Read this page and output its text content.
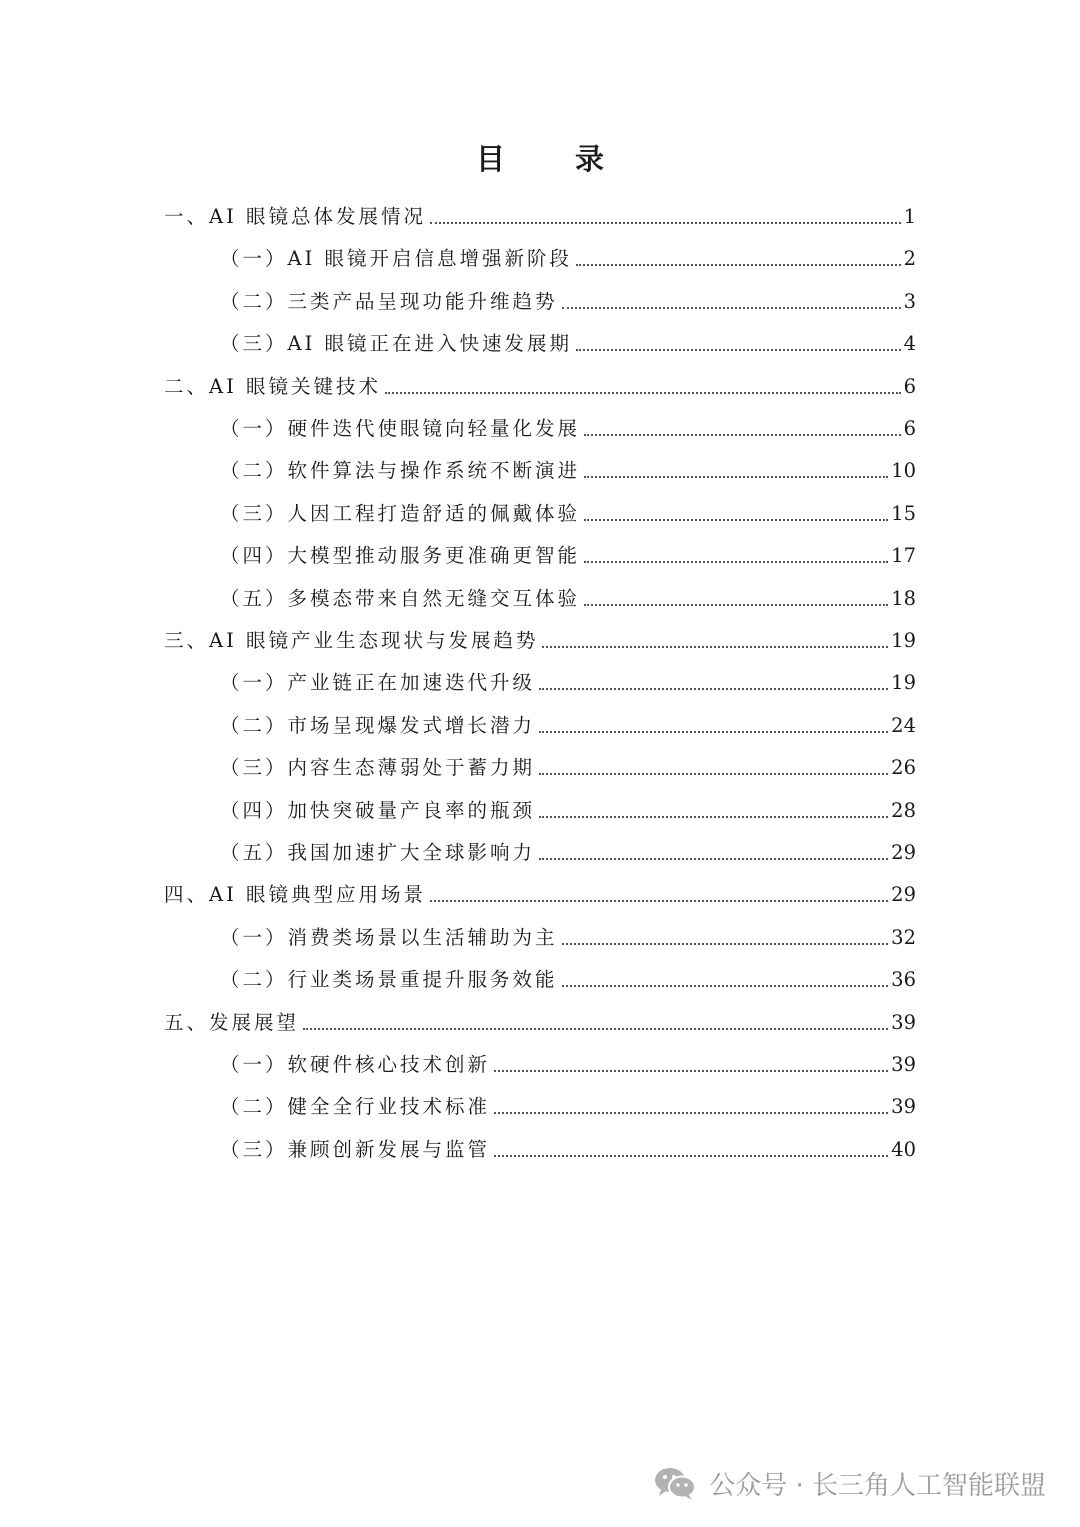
目 录
一、AI 眼镜总体发展情况	1
（一）AI 眼镜开启信息增强新阶段	2
（二）三类产品呈现功能升维趋势	3
（三）AI 眼镜正在进入快速发展期	4
二、AI 眼镜关键技术	6
（一）硬件迭代使眼镜向轻量化发展	6
（二）软件算法与操作系统不断演进	10
（三）人因工程打造舒适的佩戴体验	15
（四）大模型推动服务更准确更智能	17
（五）多模态带来自然无缝交互体验	18
三、AI 眼镜产业生态现状与发展趋势	19
（一）产业链正在加速迭代升级	19
（二）市场呈现爆发式增长潜力	24
（三）内容生态薄弱处于蓄力期	26
（四）加快突破量产良率的瓶颈	28
（五）我国加速扩大全球影响力	29
四、AI 眼镜典型应用场景	29
（一）消费类场景以生活辅助为主	32
（二）行业类场景重提升服务效能	36
五、发展展望	39
（一）软硬件核心技术创新	39
（二）健全全行业技术标准	39
（三）兼顾创新发展与监管	40
公众号 · 长三角人工智能联盟
